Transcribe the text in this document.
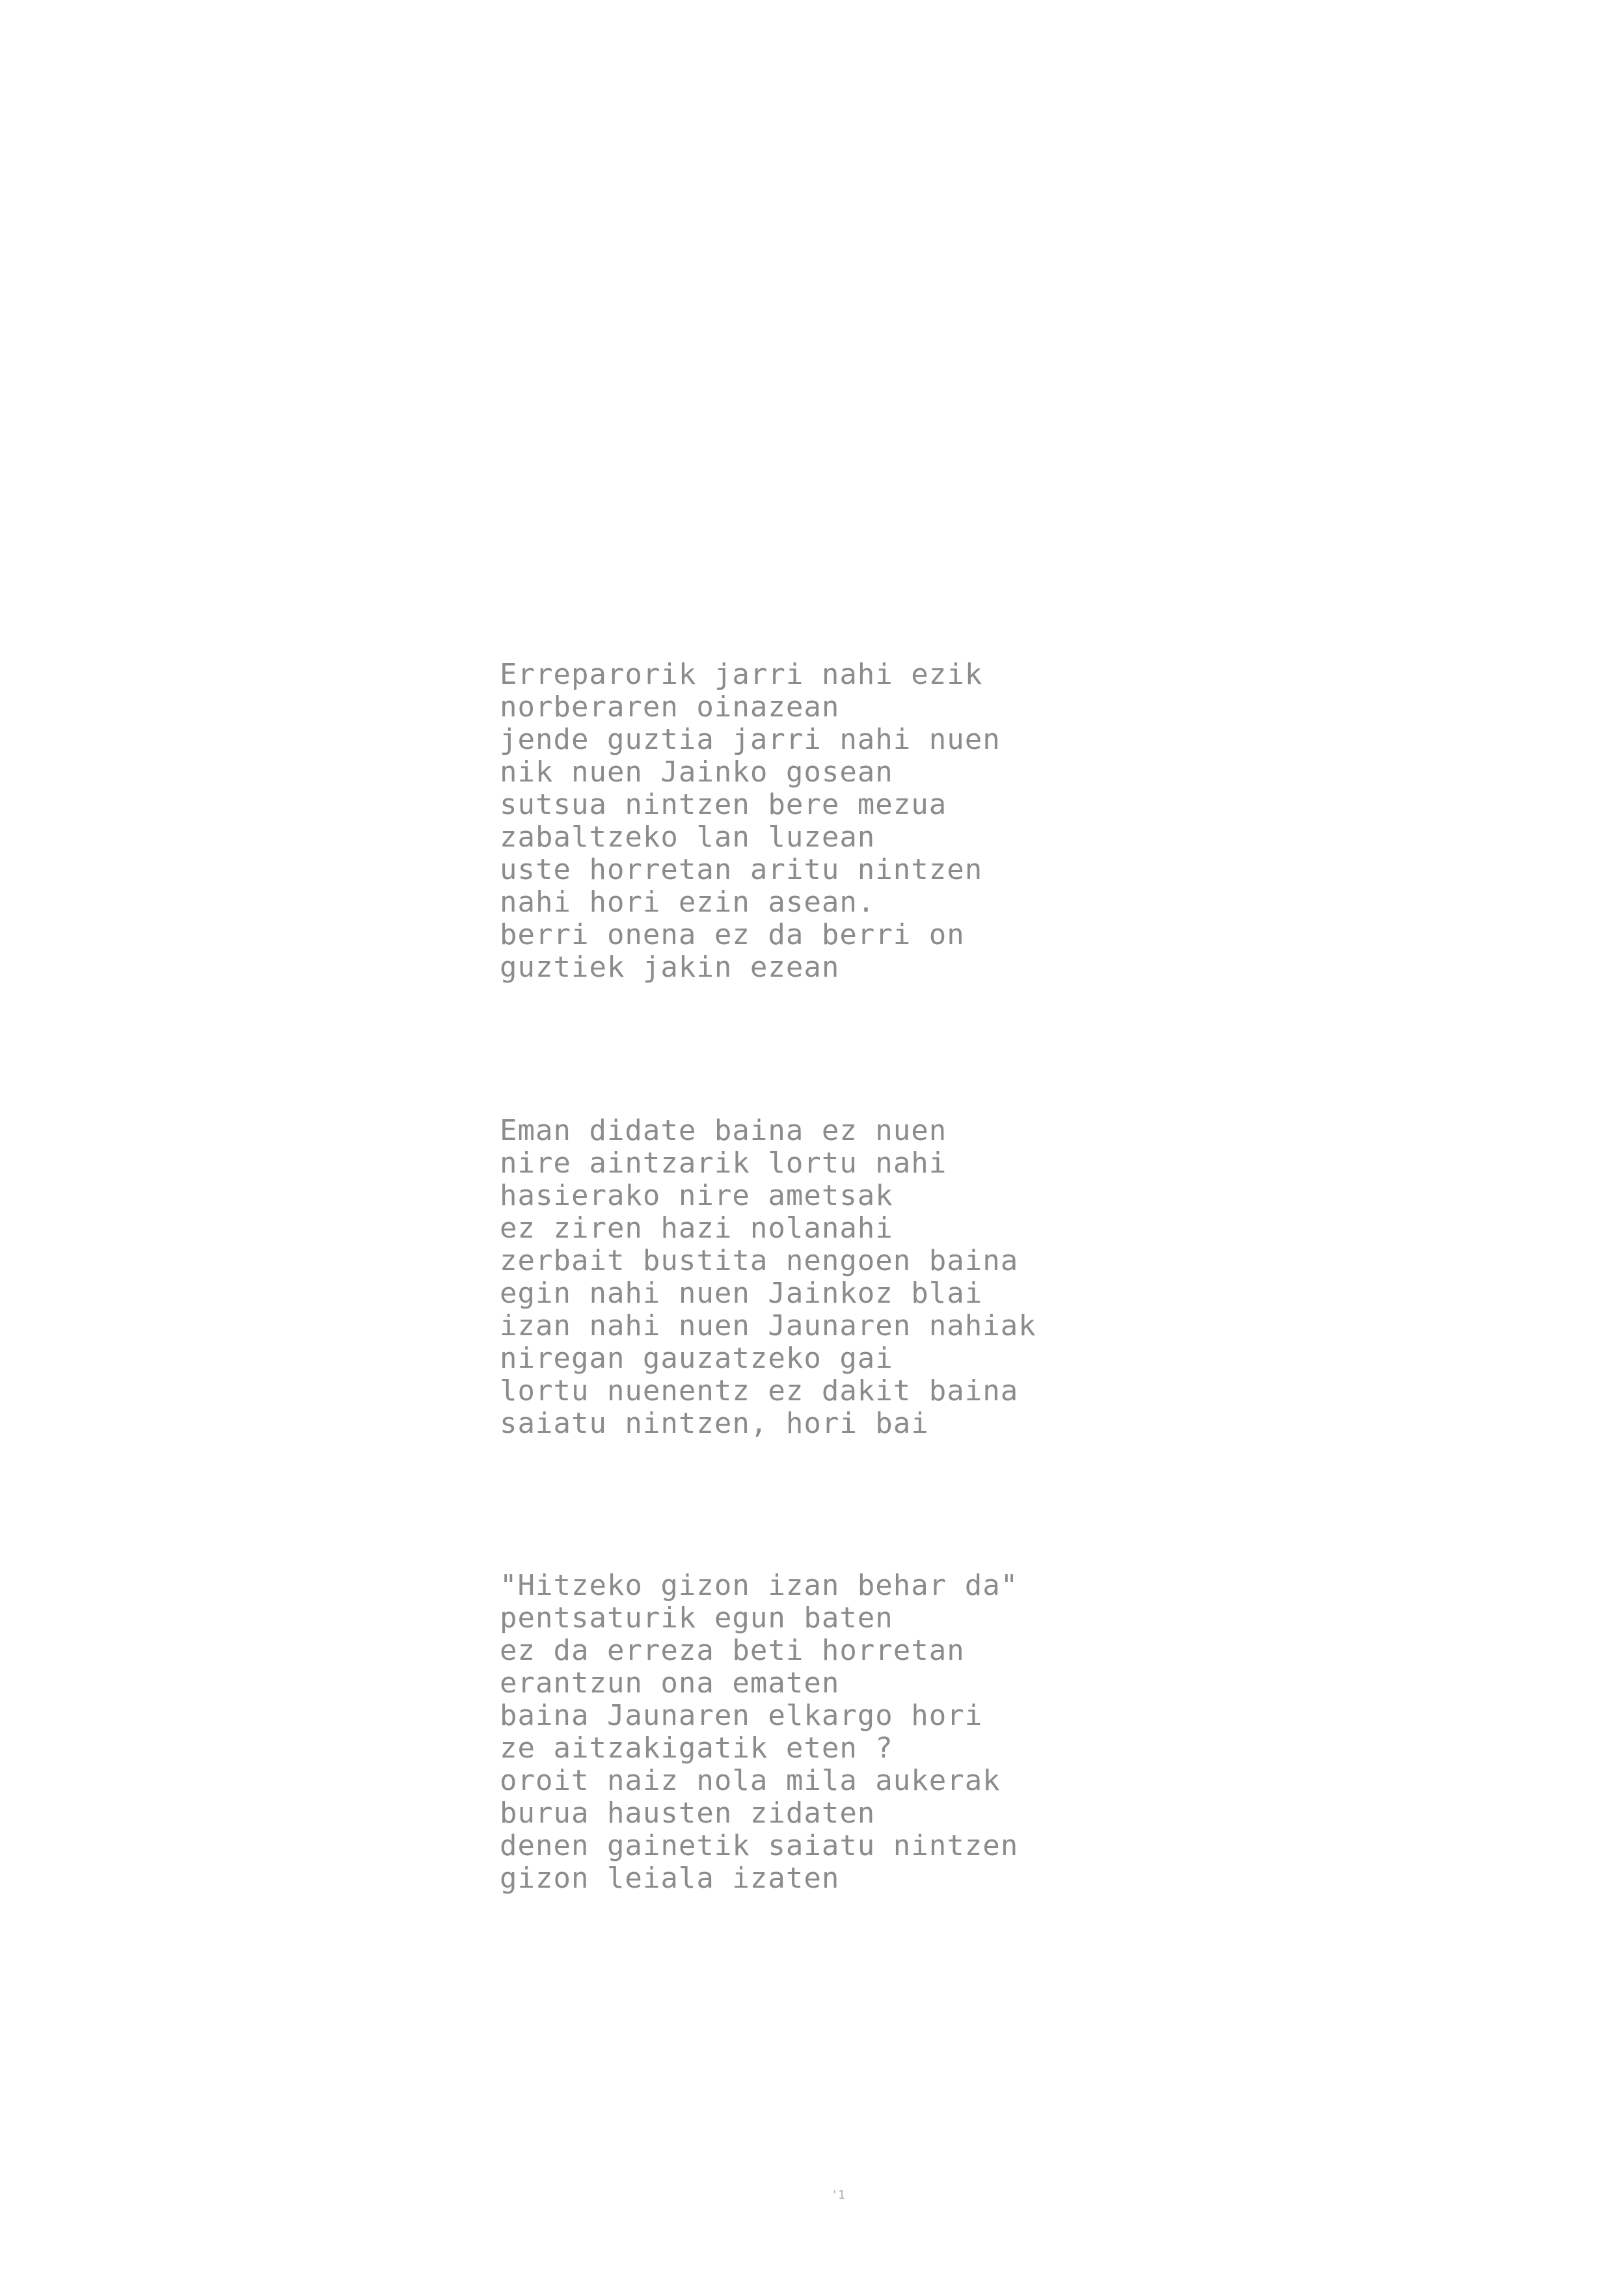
Erreparorik jarri nahi ezik
norberaren oinazean
jende guztia jarri nahi nuen
nik nuen Jainko gosean
sutsua nintzen bere mezua
zabaltzeko lan luzean
uste horretan aritu nintzen
nahi hori ezin asean.
berri onena ez da berri on
guztiek jakin ezean
Eman didate baina ez nuen
nire aintzarik lortu nahi
hasierako nire ametsak
ez ziren hazi nolanahi
zerbait bustita nengoen baina
egin nahi nuen Jainkoz blai
izan nahi nuen Jaunaren nahiak
niregan gauzatzeko gai
lortu nuenentz ez dakit baina
saiatu nintzen, hori bai
"Hitzeko gizon izan behar da"
pentsaturik egun baten
ez da erreza beti horretan
erantzun ona ematen
baina Jaunaren elkargo hori
ze aitzakigatik eten ?
oroit naiz nola mila aukerak
burua hausten zidaten
denen gainetik saiatu nintzen
gizon leiala izaten
'1
